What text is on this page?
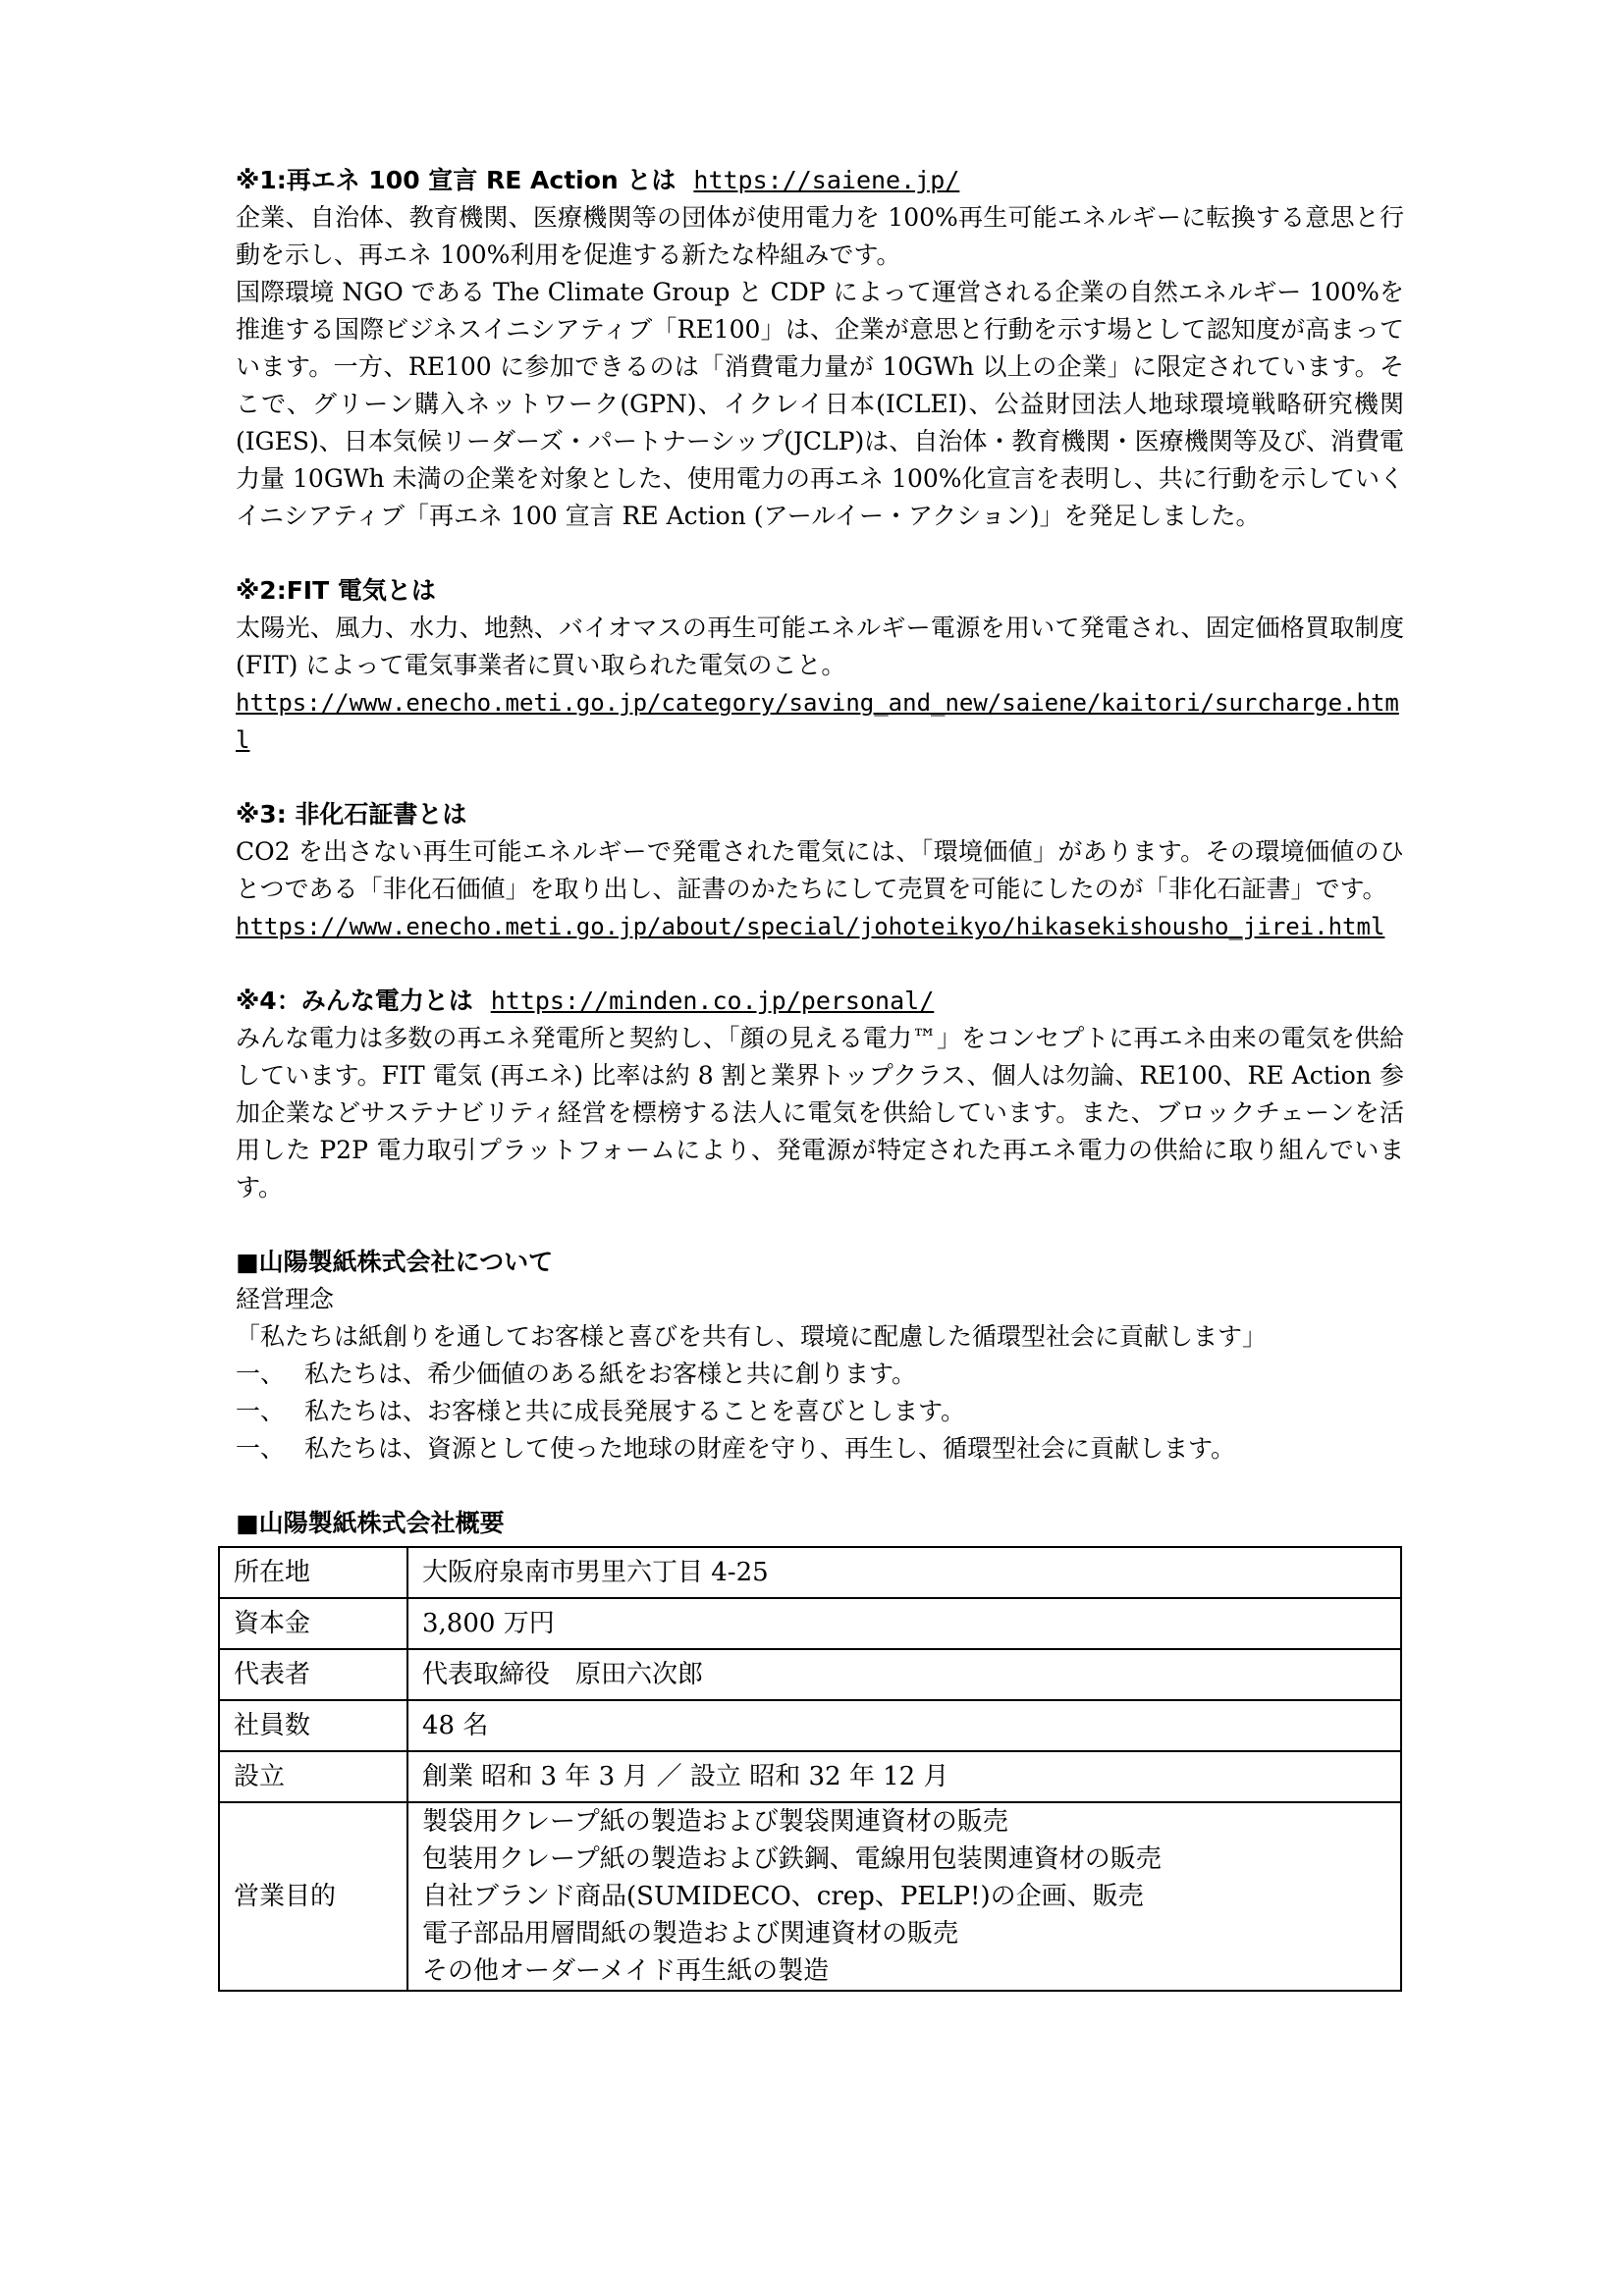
※1:再エネ 100 宣言 RE Action とは https://saiene.jp/

企業、自治体、教育機関、医療機関等の団体が使用電力を 100%再生可能エネルギーに転換する意思と行動を示し、再エネ 100%利用を促進する新たな枠組みです。

国際環境 NGO である The Climate Group と CDP によって運営される企業の自然エネルギー 100%を推進する国際ビジネスイニシアティブ「RE100」は、企業が意思と行動を示す場として認知度が高まっています。一方、RE100 に参加できるのは「消費電力量が 10GWh 以上の企業」に限定されています。そこで、グリーン購入ネットワーク(GPN)、イクレイ日本(ICLEI)、公益財団法人地球環境戦略研究機関(IGES)、日本気候リーダーズ・パートナーシップ(JCLP)は、自治体・教育機関・医療機関等及び、消費電力量 10GWh 未満の企業を対象とした、使用電力の再エネ 100%化宣言を表明し、共に行動を示していくイニシアティブ「再エネ 100 宣言 RE Action (アールイー・アクション)」を発足しました。

※2:FIT 電気とは

太陽光、風力、水力、地熱、バイオマスの再生可能エネルギー電源を用いて発電され、固定価格買取制度 (FIT) によって電気事業者に買い取られた電気のこと。

https://www.enecho.meti.go.jp/category/saving_and_new/saiene/kaitori/surcharge.html
※3: 非化石証書とは

CO2 を出さない再生可能エネルギーで発電された電気には、「環境価値」があります。その環境価値のひとつである「非化石価値」を取り出し、証書のかたちにして売買を可能にしたのが「非化石証書」です。

https://www.enecho.meti.go.jp/about/special/johoteikyo/hikasekishousho_jirei.html
※4：みんな電力とは https://minden.co.jp/personal/

みんな電力は多数の再エネ発電所と契約し、「顔の見える電力™」をコンセプトに再エネ由来の電気を供給しています。FIT 電気 (再エネ) 比率は約 8 割と業界トップクラス、個人は勿論、RE100、RE Action 参加企業などサステナビリティ経営を標榜する法人に電気を供給しています。また、ブロックチェーンを活用した P2P 電力取引プラットフォームにより、発電源が特定された再エネ電力の供給に取り組んでいます。

■山陽製紙株式会社について
経営理念
「私たちは紙創りを通してお客様と喜びを共有し、環境に配慮した循環型社会に貢献します」
一、 私たちは、希少価値のある紙をお客様と共に創ります。
一、 私たちは、お客様と共に成長発展することを喜びとします。
一、 私たちは、資源として使った地球の財産を守り、再生し、循環型社会に貢献します。
■山陽製紙株式会社概要
所在地	大阪府泉南市男里六丁目 4-25
資本金	3,800 万円
代表者	代表取締役　原田六次郎
社員数	48 名
設立	創業 昭和 3 年 3 月 ／ 設立 昭和 32 年 12 月
営業目的	製袋用クレープ紙の製造および製袋関連資材の販売
包装用クレープ紙の製造および鉄鋼、電線用包装関連資材の販売
自社ブランド商品(SUMIDECO、crep、PELP!)の企画、販売
電子部品用層間紙の製造および関連資材の販売
その他オーダーメイド再生紙の製造
